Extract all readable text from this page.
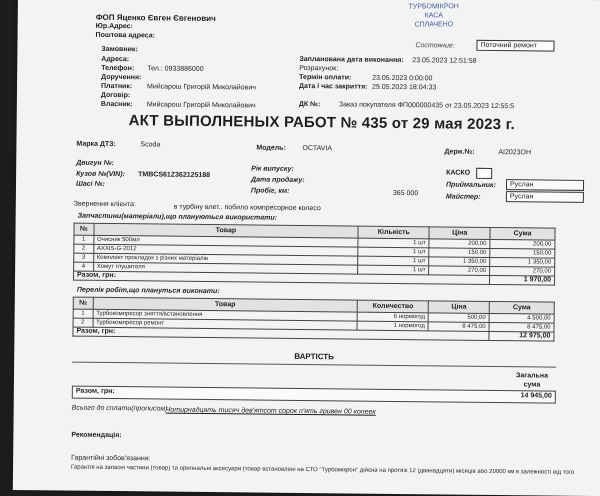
ФОП Яценко Євген Євгенович
Юр.Адрес:
Поштова адреса:
ТУРБОМІКРОН
КАСА
СПЛАЧЕНО
Состояние:	Поточний ремонт
Замовник:
Адреса:
Телефон: Тел.: 0933886000
Доручення:
Платник: Мийсарош Григорій Миколайович
Договір:
Власник: Мийсарош Григорій Миколайович
Запланована дата виконання: 23.05.2023 12:51:58
Розрахунок:
Термін оплати:	23.05.2023 0:00:00
Дата і час закриття: 29.05.2023 18:04:33
ДК №:	Заказ покупателя ФП000000435 от 23.05.2023 12:55:5
АКТ ВЫПОЛНЕНЫХ РАБОТ № 435 от 29 мая 2023 г.
Марка ДТЗ:	Scoda	Модель: OCTAVIA	Держ.№:	AI2023OH
Двигун №:
Кузов №(VIN): TMBCS61Z362125188
Шасі №:
Рік випуску:
Дата продажу:
Пробіг, км:	365 000
КАСКО
Приймальник:	Руслан
Майстер:	Руслан
Звернення клієнта:	в турбіну влет.. побило компресорное колесо
Запчастини(матеріали),що плануються використати:
№	Товар	Кількість	Ціна	Сума
1	Очисник 500мл	1 шт	200,00	200,00
2	AXXIS-G-2012	1 шт	150,00	150,00
3	Комплект прокладок з різних матеріалів	1 шт	1 350,00	1 350,00
4	Хомут глушителя	1 шт	270,00	270,00
Разом, грн:				1 970,00
Перелік робіт,що плануться виконати:
№	Товар	Количество	Ціна	Сума
1	Турбокомпресор зняття/встановлення	6 нормогод	500,00	4 500,00
2	Турбокомпресор ремонт	1 нормогод	8 475,00	8 475,00
Разом, грн:				12 975,00
ВАРТІСТЬ
Загальна сума
Разом, грн:
14 945,00
Всього до сплати(прописом)
Чотирнадцять тисяч дев'ятсот сорок п'ять гривен 00 копеек
Рекомендація:
Гарантійні зобов'язання:
Гарантія на запасні частини (товар) та оригінальні аксесуари (товар встановлені на СТО "Турбомікрон" дійсна на протязі 12 (дванадцяти) місяців або 20000 км в залежності від того
